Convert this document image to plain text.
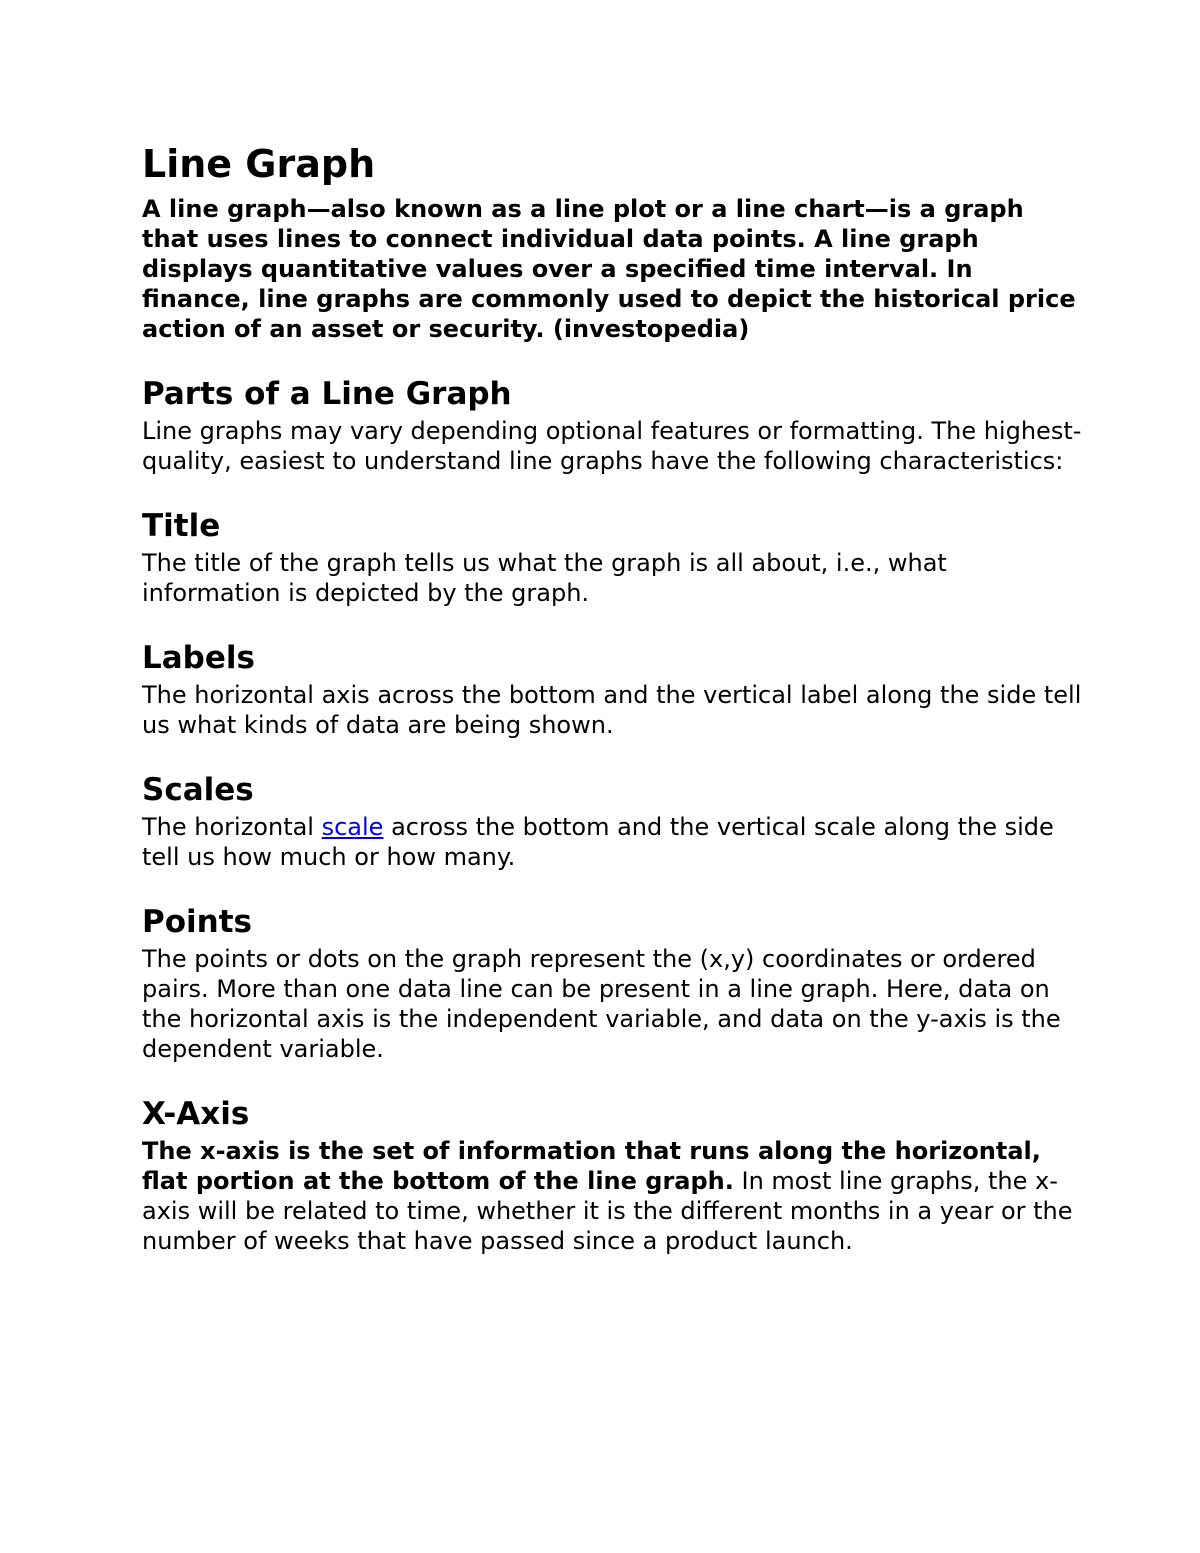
Line Graph

A line graph—also known as a line plot or a line chart—is a graph that uses lines to connect individual data points. A line graph displays quantitative values over a specified time interval. In finance, line graphs are commonly used to depict the historical price action of an asset or security. (investopedia)

Parts of a Line Graph

Line graphs may vary depending optional features or formatting. The highest-quality, easiest to understand line graphs have the following characteristics:

Title

The title of the graph tells us what the graph is all about, i.e., what information is depicted by the graph.

Labels

The horizontal axis across the bottom and the vertical label along the side tell us what kinds of data are being shown.

Scales

The horizontal scale across the bottom and the vertical scale along the side tell us how much or how many.

Points

The points or dots on the graph represent the (x,y) coordinates or ordered pairs. More than one data line can be present in a line graph. Here, data on the horizontal axis is the independent variable, and data on the y-axis is the dependent variable.

X-Axis

The x-axis is the set of information that runs along the horizontal, flat portion at the bottom of the line graph. In most line graphs, the x-axis will be related to time, whether it is the different months in a year or the number of weeks that have passed since a product launch.
